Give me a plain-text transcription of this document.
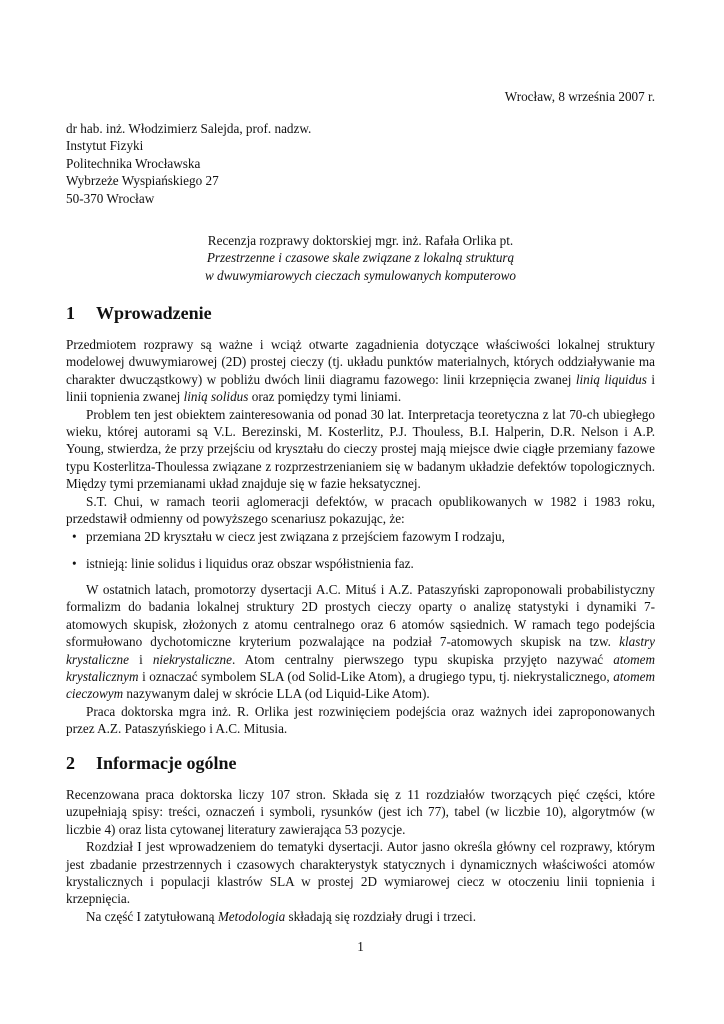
Wrocław, 8 września 2007 r.
dr hab. inż. Włodzimierz Salejda, prof. nadzw.
Instytut Fizyki
Politechnika Wrocławska
Wybrzeże Wyspiańskiego 27
50-370 Wrocław
Recenzja rozprawy doktorskiej mgr. inż. Rafała Orlika pt.
Przestrzenne i czasowe skale związane z lokalną strukturą
w dwuwymiarowych cieczach symulowanych komputerowo
1 Wprowadzenie

Przedmiotem rozprawy są ważne i wciąż otwarte zagadnienia dotyczące właściwości lokalnej struktury modelowej dwuwymiarowej (2D) prostej cieczy (tj. układu punktów materialnych, których oddziaływanie ma charakter dwucząstkowy) w pobliżu dwóch linii diagramu fazowego: linii krzepnięcia zwanej linią liquidus i linii topnienia zwanej linią solidus oraz pomiędzy tymi liniami.

Problem ten jest obiektem zainteresowania od ponad 30 lat. Interpretacja teoretyczna z lat 70-ch ubiegłego wieku, której autorami są V.L. Berezinski, M. Kosterlitz, P.J. Thouless, B.I. Halperin, D.R. Nelson i A.P. Young, stwierdza, że przy przejściu od kryształu do cieczy prostej mają miejsce dwie ciągłe przemiany fazowe typu Kosterlitza-Thoulessa związane z rozprzestrzenianiem się w badanym układzie defektów topologicznych. Między tymi przemianami układ znajduje się w fazie heksatycznej.

S.T. Chui, w ramach teorii aglomeracji defektów, w pracach opublikowanych w 1982 i 1983 roku, przedstawił odmienny od powyższego scenariusz pokazując, że:

• przemiana 2D kryształu w ciecz jest związana z przejściem fazowym I rodzaju,
• istnieją: linie solidus i liquidus oraz obszar współistnienia faz.

W ostatnich latach, promotorzy dysertacji A.C. Mituś i A.Z. Pataszyński zaproponowali probabilistyczny formalizm do badania lokalnej struktury 2D prostych cieczy oparty o analizę statystyki i dynamiki 7-atomowych skupisk, złożonych z atomu centralnego oraz 6 atomów sąsiednich. W ramach tego podejścia sformułowano dychotomiczne kryterium pozwalające na podział 7-atomowych skupisk na tzw. klastry krystaliczne i niekrystaliczne. Atom centralny pierwszego typu skupiska przyjęto nazywać atomem krystalicznym i oznaczać symbolem SLA (od Solid-Like Atom), a drugiego typu, tj. niekrystalicznego, atomem cieczowym nazywanym dalej w skrócie LLA (od Liquid-Like Atom).

Praca doktorska mgra inż. R. Orlika jest rozwinięciem podejścia oraz ważnych idei zaproponowanych przez A.Z. Pataszyńskiego i A.C. Mitusia.

2 Informacje ogólne

Recenzowana praca doktorska liczy 107 stron. Składa się z 11 rozdziałów tworzących pięć części, które uzupełniają spisy: treści, oznaczeń i symboli, rysunków (jest ich 77), tabel (w liczbie 10), algorytmów (w liczbie 4) oraz lista cytowanej literatury zawierająca 53 pozycje.

Rozdział I jest wprowadzeniem do tematyki dysertacji. Autor jasno określa główny cel rozprawy, którym jest zbadanie przestrzennych i czasowych charakterystyk statycznych i dynamicznych właściwości atomów krystalicznych i populacji klastrów SLA w prostej 2D wymiarowej ciecz w otoczeniu linii topnienia i krzepnięcia.

Na część I zatytułowaną Metodologia składają się rozdziały drugi i trzeci.

1
